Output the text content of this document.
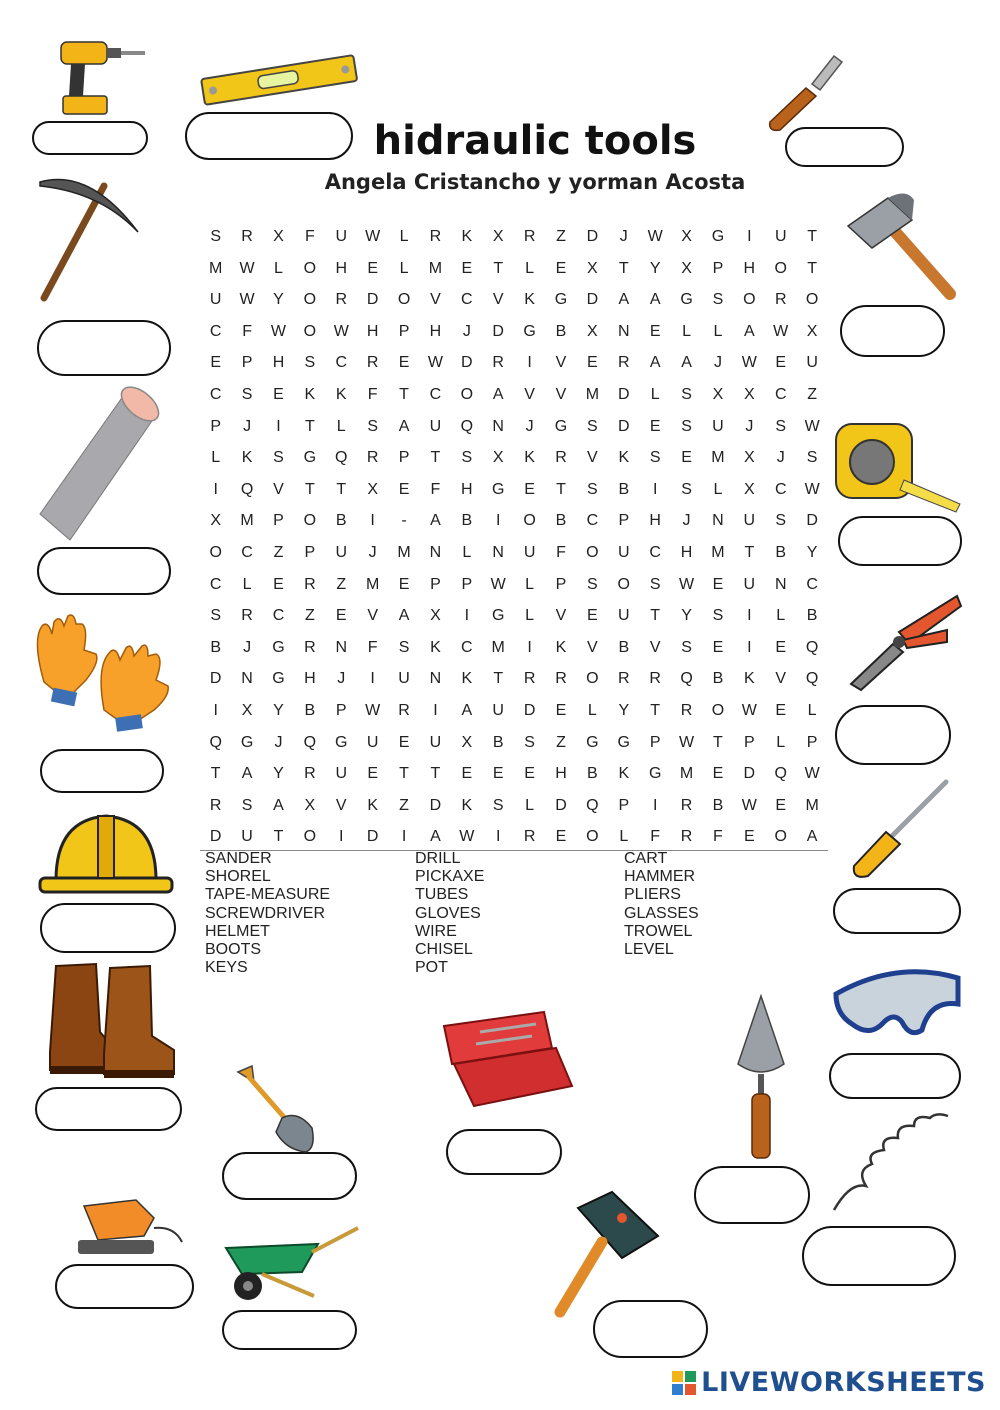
hidraulic tools
Angela Cristancho y yorman Acosta
S	R	X	F	U	W	L	R	K	X	R	Z	D	J	W	X	G	I	U	T
M	W	L	O	H	E	L	M	E	T	L	E	X	T	Y	X	P	H	O	T
U	W	Y	O	R	D	O	V	C	V	K	G	D	A	A	G	S	O	R	O
C	F	W	O	W	H	P	H	J	D	G	B	X	N	E	L	L	A	W	X
E	P	H	S	C	R	E	W	D	R	I	V	E	R	A	A	J	W	E	U
C	S	E	K	K	F	T	C	O	A	V	V	M	D	L	S	X	X	C	Z
P	J	I	T	L	S	A	U	Q	N	J	G	S	D	E	S	U	J	S	W
L	K	S	G	Q	R	P	T	S	X	K	R	V	K	S	E	M	X	J	S
I	Q	V	T	T	X	E	F	H	G	E	T	S	B	I	S	L	X	C	W
X	M	P	O	B	I	-	A	B	I	O	B	C	P	H	J	N	U	S	D
O	C	Z	P	U	J	M	N	L	N	U	F	O	U	C	H	M	T	B	Y
C	L	E	R	Z	M	E	P	P	W	L	P	S	O	S	W	E	U	N	C
S	R	C	Z	E	V	A	X	I	G	L	V	E	U	T	Y	S	I	L	B
B	J	G	R	N	F	S	K	C	M	I	K	V	B	V	S	E	I	E	Q
D	N	G	H	J	I	U	N	K	T	R	R	O	R	R	Q	B	K	V	Q
I	X	Y	B	P	W	R	I	A	U	D	E	L	Y	T	R	O	W	E	L
Q	G	J	Q	G	U	E	U	X	B	S	Z	G	G	P	W	T	P	L	P
T	A	Y	R	U	E	T	T	E	E	E	H	B	K	G	M	E	D	Q	W
R	S	A	X	V	K	Z	D	K	S	L	D	Q	P	I	R	B	W	E	M
D	U	T	O	I	D	I	A	W	I	R	E	O	L	F	R	F	E	O	A
SANDER
SHOREL
TAPE-MEASURE
SCREWDRIVER
HELMET
BOOTS
KEYS
DRILL
PICKAXE
TUBES
GLOVES
WIRE
CHISEL
POT
CART
HAMMER
PLIERS
GLASSES
TROWEL
LEVEL
LIVEWORKSHEETS
